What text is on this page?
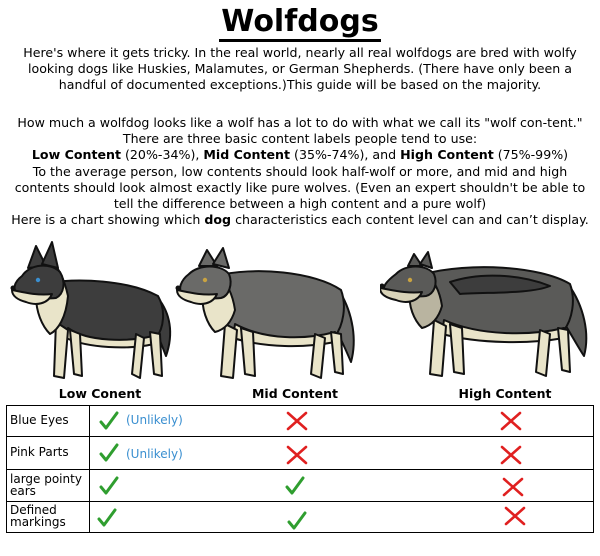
Wolfdogs
Here's where it gets tricky. In the real world, nearly all real wolfdogs are bred with wolfy looking dogs like Huskies, Malamutes, or German Shepherds. (There have only been a handful of documented exceptions.)This guide will be based on the majority.
How much a wolfdog looks like a wolf has a lot to do with what we call its "wolf con-tent." There are three basic content labels people tend to use:
Low Content (20%-34%), Mid Content (35%-74%), and High Content (75%-99%)
To the average person, low contents should look half-wolf or more, and mid and high contents should look almost exactly like pure wolves. (Even an expert shouldn't be able to tell the difference between a high content and a pure wolf)
Here is a chart showing which dog characteristics each content level can and can’t display.
Low Conent	Mid Content	High Content
Blue Eyes
Pink Parts
large pointy ears
Defined markings
(Unlikely)
(Unlikely)
